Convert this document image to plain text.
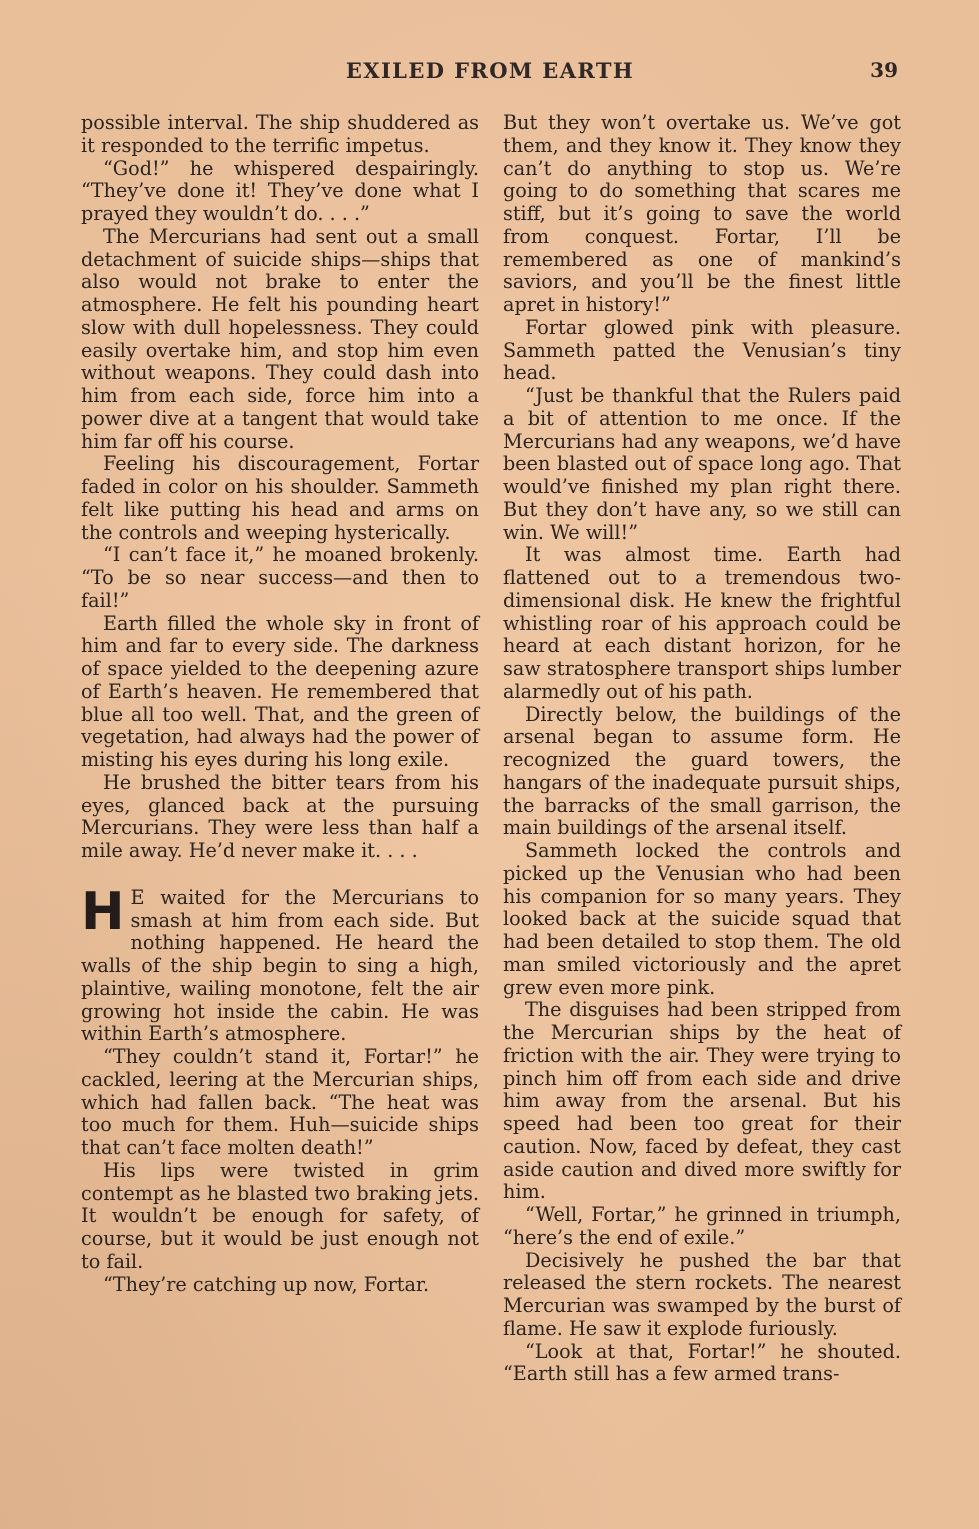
EXILED FROM EARTH	39

possible interval. The ship shuddered as it responded to the terrific impetus.

“God!” he whispered despairingly. “They’ve done it! They’ve done what I prayed they wouldn’t do. . . .”

The Mercurians had sent out a small detachment of suicide ships—ships that also would not brake to enter the atmosphere. He felt his pounding heart slow with dull hopelessness. They could easily overtake him, and stop him even without weapons. They could dash into him from each side, force him into a power dive at a tangent that would take him far off his course.

Feeling his discouragement, Fortar faded in color on his shoulder. Sammeth felt like putting his head and arms on the controls and weeping hysterically.

“I can’t face it,” he moaned brokenly. “To be so near success—and then to fail!”

Earth filled the whole sky in front of him and far to every side. The darkness of space yielded to the deepening azure of Earth’s heaven. He remembered that blue all too well. That, and the green of vegetation, had always had the power of misting his eyes during his long exile.

He brushed the bitter tears from his eyes, glanced back at the pursuing Mercurians. They were less than half a mile away. He’d never make it. . . .

H E waited for the Mercurians to smash at him from each side. But nothing happened. He heard the walls of the ship begin to sing a high, plaintive, wailing monotone, felt the air growing hot inside the cabin. He was within Earth’s atmosphere.

“They couldn’t stand it, Fortar!” he cackled, leering at the Mercurian ships, which had fallen back. “The heat was too much for them. Huh—suicide ships that can’t face molten death!”

His lips were twisted in grim contempt as he blasted two braking jets. It wouldn’t be enough for safety, of course, but it would be just enough not to fail.

“They’re catching up now, Fortar.

But they won’t overtake us. We’ve got them, and they know it. They know they can’t do anything to stop us. We’re going to do something that scares me stiff, but it’s going to save the world from conquest. Fortar, I’ll be remembered as one of mankind’s saviors, and you’ll be the finest little apret in history!”

Fortar glowed pink with pleasure. Sammeth patted the Venusian’s tiny head.

“Just be thankful that the Rulers paid a bit of attention to me once. If the Mercurians had any weapons, we’d have been blasted out of space long ago. That would’ve finished my plan right there. But they don’t have any, so we still can win. We will!”

It was almost time. Earth had flattened out to a tremendous two-dimensional disk. He knew the frightful whistling roar of his approach could be heard at each distant horizon, for he saw stratosphere transport ships lumber alarmedly out of his path.

Directly below, the buildings of the arsenal began to assume form. He recognized the guard towers, the hangars of the inadequate pursuit ships, the barracks of the small garrison, the main buildings of the arsenal itself.

Sammeth locked the controls and picked up the Venusian who had been his companion for so many years. They looked back at the suicide squad that had been detailed to stop them. The old man smiled victoriously and the apret grew even more pink.

The disguises had been stripped from the Mercurian ships by the heat of friction with the air. They were trying to pinch him off from each side and drive him away from the arsenal. But his speed had been too great for their caution. Now, faced by defeat, they cast aside caution and dived more swiftly for him.

“Well, Fortar,” he grinned in triumph, “here’s the end of exile.”

Decisively he pushed the bar that released the stern rockets. The nearest Mercurian was swamped by the burst of flame. He saw it explode furiously.

“Look at that, Fortar!” he shouted. “Earth still has a few armed trans-
